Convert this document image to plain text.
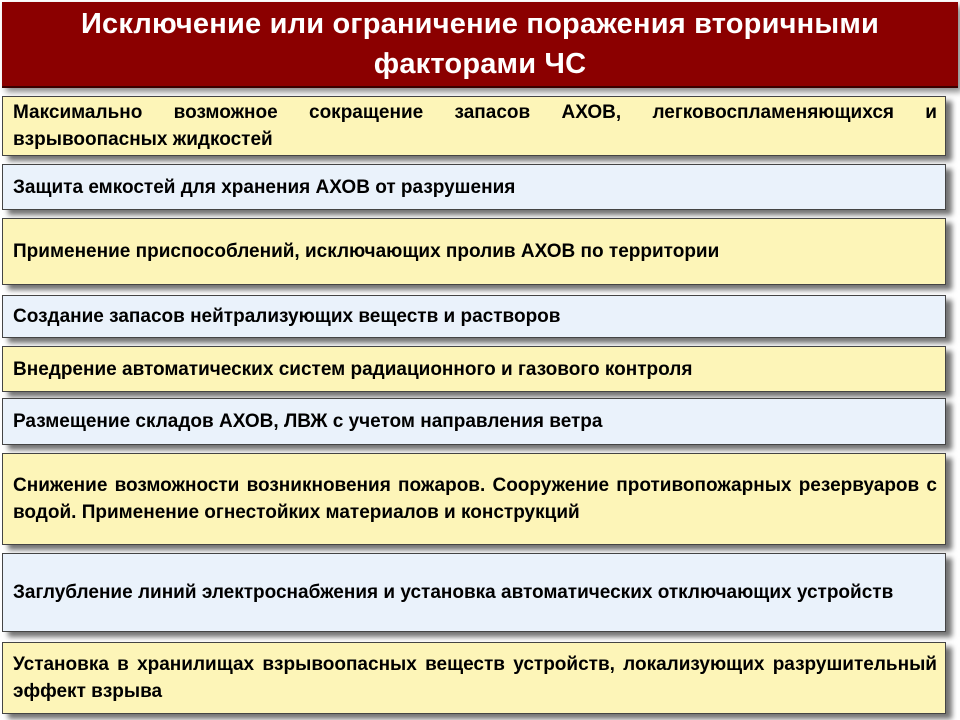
Исключение или ограничение поражения вторичными факторами ЧС
Максимально возможное сокращение запасов АХОВ, легковоспламеняющихся и взрывоопасных жидкостей
Защита емкостей для хранения АХОВ от разрушения
Применение приспособлений, исключающих пролив АХОВ по территории
Создание запасов нейтрализующих веществ и растворов
Внедрение автоматических систем радиационного и газового контроля
Размещение складов АХОВ, ЛВЖ с учетом направления ветра
Снижение возможности возникновения пожаров. Сооружение противопожарных резервуаров с водой. Применение огнестойких материалов и конструкций
Заглубление линий электроснабжения и установка автоматических отключающих устройств
Установка в хранилищах взрывоопасных веществ устройств, локализующих разрушительный эффект взрыва
